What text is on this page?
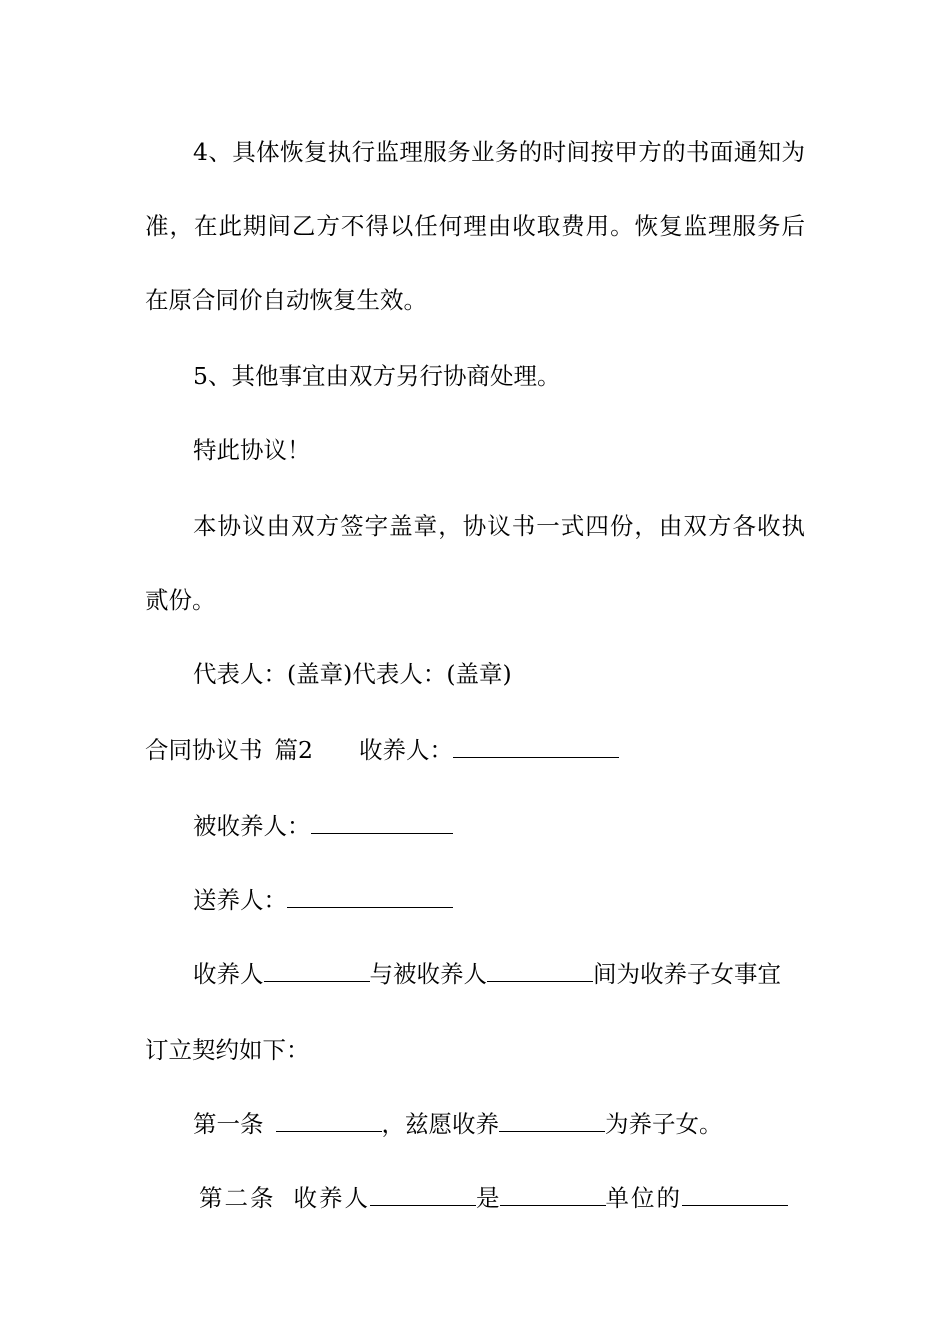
4、具体恢复执行监理服务业务的时间按甲方的书面通知为
准，在此期间乙方不得以任何理由收取费用。恢复监理服务后
在原合同价自动恢复生效。
5、其他事宜由双方另行协商处理。
特此协议！
本协议由双方签字盖章，协议书一式四份，由双方各收执
贰份。
代表人：(盖章)代表人：(盖章)
合同协议书 篇2 收养人：
被收养人：
送养人：
收养人	与被收养人	间为收养子女事宜
订立契约如下：
第一条	，兹愿收养	为养子女。
第二条 收养人	是	单位的
